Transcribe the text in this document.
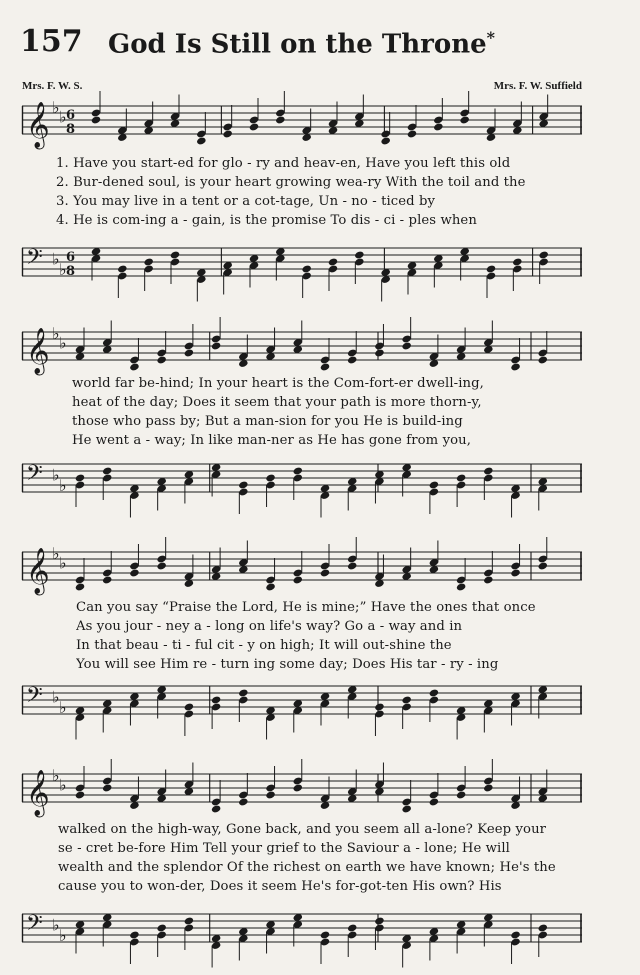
157 God Is Still on the Throne*
Mrs. F. W. S.	Mrs. F. W. Suffield
𝄞 ♭ ♭ 6
8
1. Have you start-ed for glo - ry and heav-en, Have you left this old
2. Bur-dened soul, is your heart growing wea-ry With the toil and the
3. You may live in a tent or a cot-tage, Un - no - ticed by
4. He is com-ing a - gain, is the promise To dis - ci - ples when
𝄢 ♭
♭
6
8
𝄞 ♭ ♭
world far be-hind; In your heart is the Com-fort-er dwell-ing,
heat of the day; Does it seem that your path is more thorn-y,
those who pass by; But a man-sion for you He is build-ing
He went a - way; In like man-ner as He has gone from you,
𝄢 ♭
♭
𝄞 ♭ ♭
Can you say “Praise the Lord, He is mine;” Have the ones that once
As you jour - ney a - long on life's way? Go a - way and in
In that beau - ti - ful cit - y on high; It will out-shine the
You will see Him re - turn ing some day; Does His tar - ry - ing
𝄢 ♭
♭
𝄞 ♭ ♭
walked on the high-way, Gone back, and you seem all a-lone? Keep your
se - cret be-fore Him Tell your grief to the Saviour a - lone; He will
wealth and the splendor Of the richest on earth we have known; He's the
cause you to won-der, Does it seem He's for-got-ten His own? His
𝄢 ♭
♭
